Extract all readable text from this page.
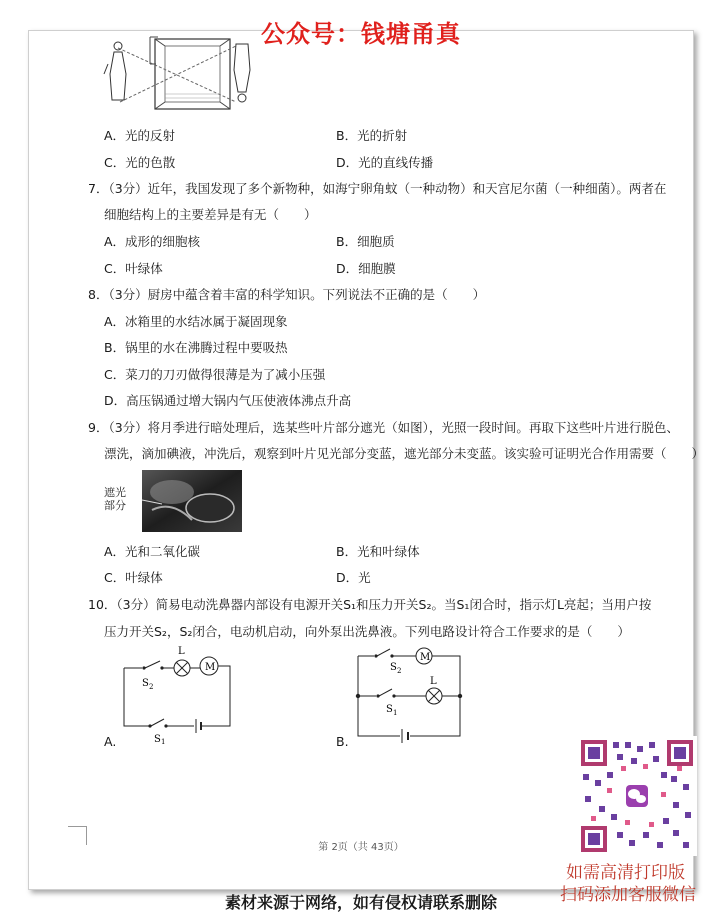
公众号：钱塘甬真
A．光的反射	B．光的折射
C．光的色散	D．光的直线传播
7．（3分）近年，我国发现了多个新物种，如海宁卵角蚊（一种动物）和天宫尼尔菌（一种细菌）。两者在
细胞结构上的主要差异是有无（　　）
A．成形的细胞核	B．细胞质
C．叶绿体	D．细胞膜
8．（3分）厨房中蕴含着丰富的科学知识。下列说法不正确的是（　　）
A．冰箱里的水结冰属于凝固现象
B．锅里的水在沸腾过程中要吸热
C．菜刀的刀刃做得很薄是为了减小压强
D．高压锅通过增大锅内气压使液体沸点升高
9．（3分）将月季进行暗处理后，选某些叶片部分遮光（如图），光照一段时间。再取下这些叶片进行脱色、
漂洗，滴加碘液，冲洗后，观察到叶片见光部分变蓝，遮光部分未变蓝。该实验可证明光合作用需要（　　）
遮光
部分
A．光和二氧化碳	B．光和叶绿体
C．叶绿体	D．光
10．（3分）简易电动洗鼻器内部设有电源开关S₁和压力开关S₂。当S₁闭合时，指示灯L亮起；当用户按
压力开关S₂，S₂闭合，电动机启动，向外泵出洗鼻液。下列电路设计符合工作要求的是（　　）
M
L
S 2
S 1
A.
M
S 2
L
S 1
B.
第 2页（共 43页）
如需高清打印版
扫码添加客服微信
素材来源于网络，如有侵权请联系删除
